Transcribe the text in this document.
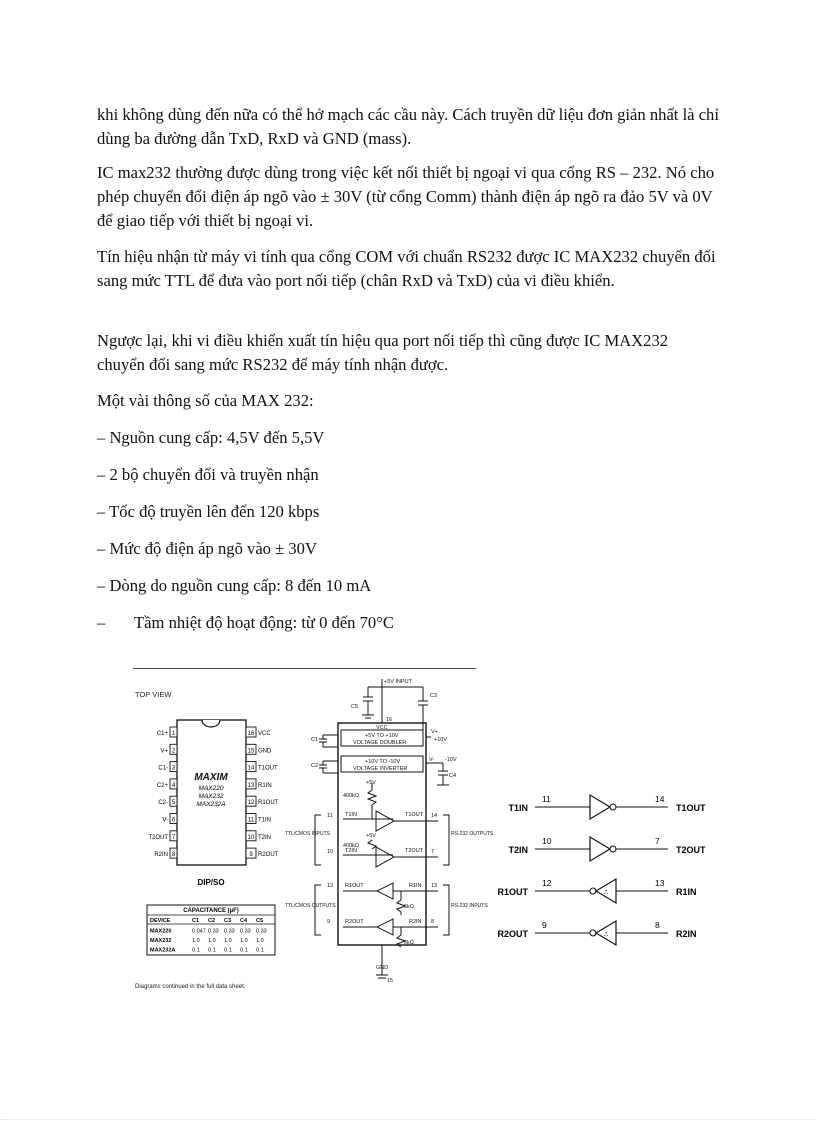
khi không dùng đến nữa có thể hở mạch các cầu này. Cách truyền dữ liệu đơn giản nhất là chỉ dùng ba đường dẫn TxD, RxD và GND (mass).

IC max232 thường được dùng trong việc kết nối thiết bị ngoại vi qua cổng RS – 232. Nó cho phép chuyển đổi điện áp ngõ vào ± 30V (từ cổng Comm) thành điện áp ngõ ra đảo 5V và 0V để giao tiếp với thiết bị ngoại vi.

Tín hiệu nhận từ máy vi tính qua cổng COM với chuẩn RS232 được IC MAX232 chuyển đổi sang mức TTL để đưa vào port nối tiếp (chân RxD và TxD) của vi điều khiển.

Ngược lại, khi vi điều khiển xuất tín hiệu qua port nối tiếp thì cũng được IC MAX232 chuyển đổi sang mức RS232 để máy tính nhận được.

Một vài thông số của MAX 232:

– Nguồn cung cấp: 4,5V đến 5,5V

– 2 bộ chuyển đổi và truyền nhận

– Tốc độ truyền lên đến 120 kbps

– Mức độ điện áp ngõ vào ± 30V

– Dòng do nguồn cung cấp: 8 đến 10 mA

–       Tầm nhiệt độ hoạt động: từ 0 đến 70°C

TOP VIEW
1
C1+
2
V+
3
C1-
4
C2+
5
C2-
6
V-
7
T2OUT
8
R2IN
16 VCC
15 GND
14 T1OUT
13 R1IN
12 R1OUT
11 T1IN
10 T2IN
9 R2OUT
MAXIM
MAX220
MAX232
MAX232A
DIP/SO
CAPACITANCE (µF)
DEVICE	C1 C2 C3 C4 C5
MAX220	0.047 0.33 0.33 0.33 0.33
MAX232	1.0 1.0 1.0 1.0 1.0
MAX232A	0.1 0.1 0.1 0.1 0.1
Diagrams continued in the full data sheet.
+5V INPUT
C3
C5
16
VCC
+5V TO +10V
VOLTAGE DOUBLER
+10V TO -10V
VOLTAGE INVERTER
C1
C2
+10V
V+
-10V
C4
V-
+5V
400kΩ
+5V
400kΩ
T1IN
T2IN
T1OUT
T2OUT
R1OUT
R2OUT
R1IN
R2IN
14
7
13
8
11
10
12
9
5kΩ
5kΩ
GND
15
TTL/CMOS INPUTS
TTL/CMOS OUTPUTS
RS-232 OUTPUTS
RS-232 INPUTS
T1IN
11	14
T1OUT
T2IN
10	7
T2OUT
R1OUT
12
⎍
13
R1IN
R2OUT
9
⎍
8
R2IN
